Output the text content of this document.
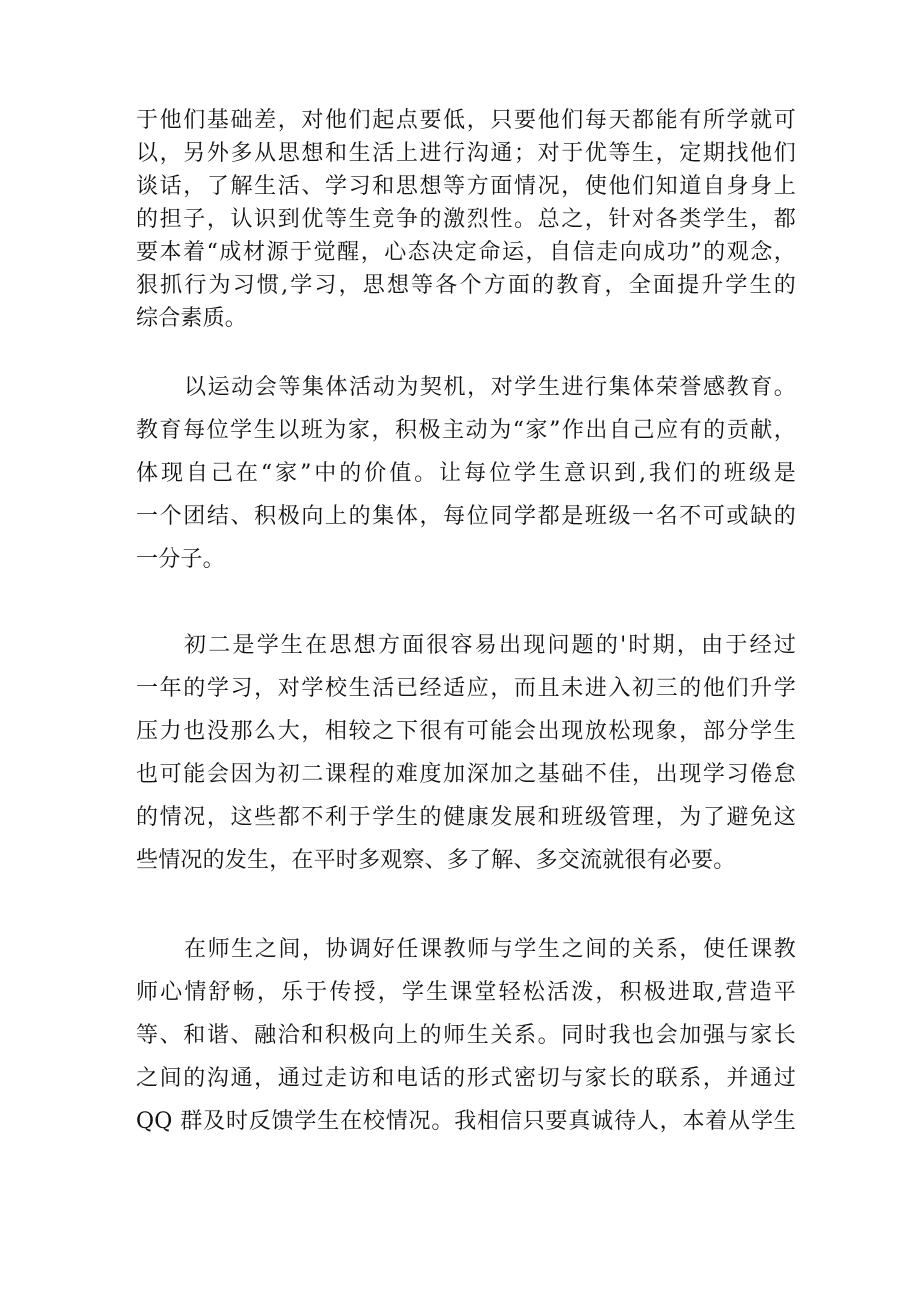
于他们基础差，对他们起点要低，只要他们每天都能有所学就可
以，另外多从思想和生活上进行沟通；对于优等生，定期找他们
谈话，了解生活、学习和思想等方面情况，使他们知道自身身上
的担子，认识到优等生竞争的激烈性。总之，针对各类学生，都
要本着“成材源于觉醒，心态决定命运，自信走向成功”的观念，
狠抓行为习惯,学习，思想等各个方面的教育，全面提升学生的
综合素质。
以运动会等集体活动为契机，对学生进行集体荣誉感教育。
教育每位学生以班为家，积极主动为“家”作出自己应有的贡献，
体现自己在“家”中的价值。让每位学生意识到,我们的班级是
一个团结、积极向上的集体，每位同学都是班级一名不可或缺的
一分子。
初二是学生在思想方面很容易出现问题的'时期，由于经过
一年的学习，对学校生活已经适应，而且未进入初三的他们升学
压力也没那么大，相较之下很有可能会出现放松现象，部分学生
也可能会因为初二课程的难度加深加之基础不佳，出现学习倦怠
的情况，这些都不利于学生的健康发展和班级管理，为了避免这
些情况的发生，在平时多观察、多了解、多交流就很有必要。
在师生之间，协调好任课教师与学生之间的关系，使任课教
师心情舒畅，乐于传授，学生课堂轻松活泼，积极进取,营造平
等、和谐、融洽和积极向上的师生关系。同时我也会加强与家长
之间的沟通，通过走访和电话的形式密切与家长的联系，并通过
QQ 群及时反馈学生在校情况。我相信只要真诚待人，本着从学生
